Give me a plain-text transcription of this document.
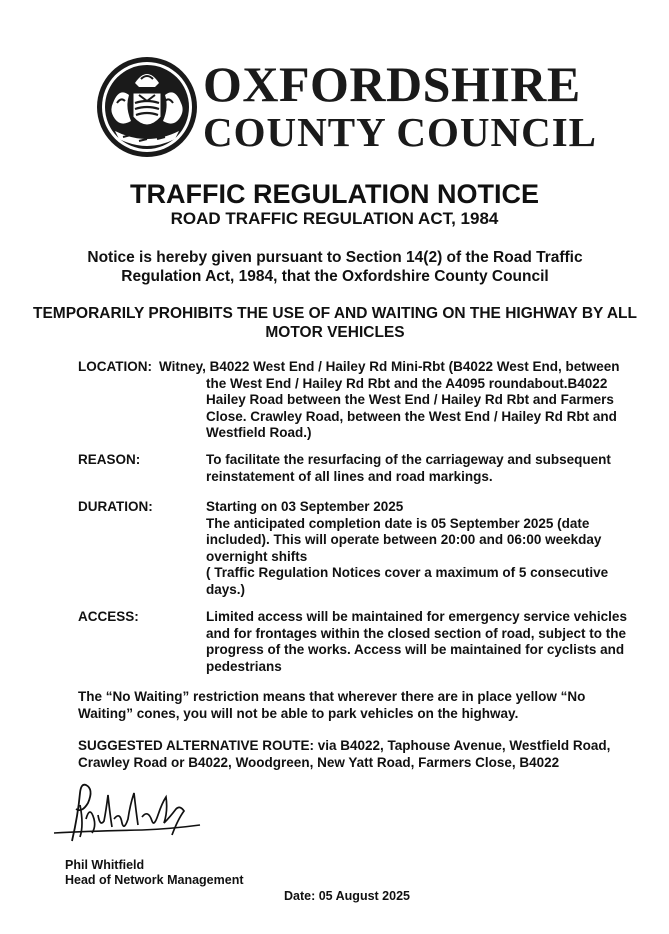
OXFORDSHIRE
COUNTY COUNCIL
TRAFFIC REGULATION NOTICE
ROAD TRAFFIC REGULATION ACT, 1984
Notice is hereby given pursuant to Section 14(2) of the Road Traffic Regulation Act, 1984, that the Oxfordshire County Council
TEMPORARILY PROHIBITS THE USE OF AND WAITING ON THE HIGHWAY BY ALL MOTOR VEHICLES
LOCATION: Witney, B4022 West End / Hailey Rd Mini-Rbt (B4022 West End, between the West End / Hailey Rd Rbt and the A4095 roundabout.B4022 Hailey Road between the West End / Hailey Rd Rbt and Farmers Close. Crawley Road, between the West End / Hailey Rd Rbt and Westfield Road.)
REASON:	To facilitate the resurfacing of the carriageway and subsequent reinstatement of all lines and road markings.
DURATION:	Starting on 03 September 2025
The anticipated completion date is 05 September 2025 (date included). This will operate between 20:00 and 06:00 weekday overnight shifts
( Traffic Regulation Notices cover a maximum of 5 consecutive days.)
ACCESS:	Limited access will be maintained for emergency service vehicles and for frontages within the closed section of road, subject to the progress of the works. Access will be maintained for cyclists and pedestrians
The “No Waiting” restriction means that wherever there are in place yellow “No Waiting” cones, you will not be able to park vehicles on the highway.
SUGGESTED ALTERNATIVE ROUTE: via B4022, Taphouse Avenue, Westfield Road, Crawley Road or B4022, Woodgreen, New Yatt Road, Farmers Close, B4022
Phil Whitfield
Head of Network Management
Date: 05 August 2025
